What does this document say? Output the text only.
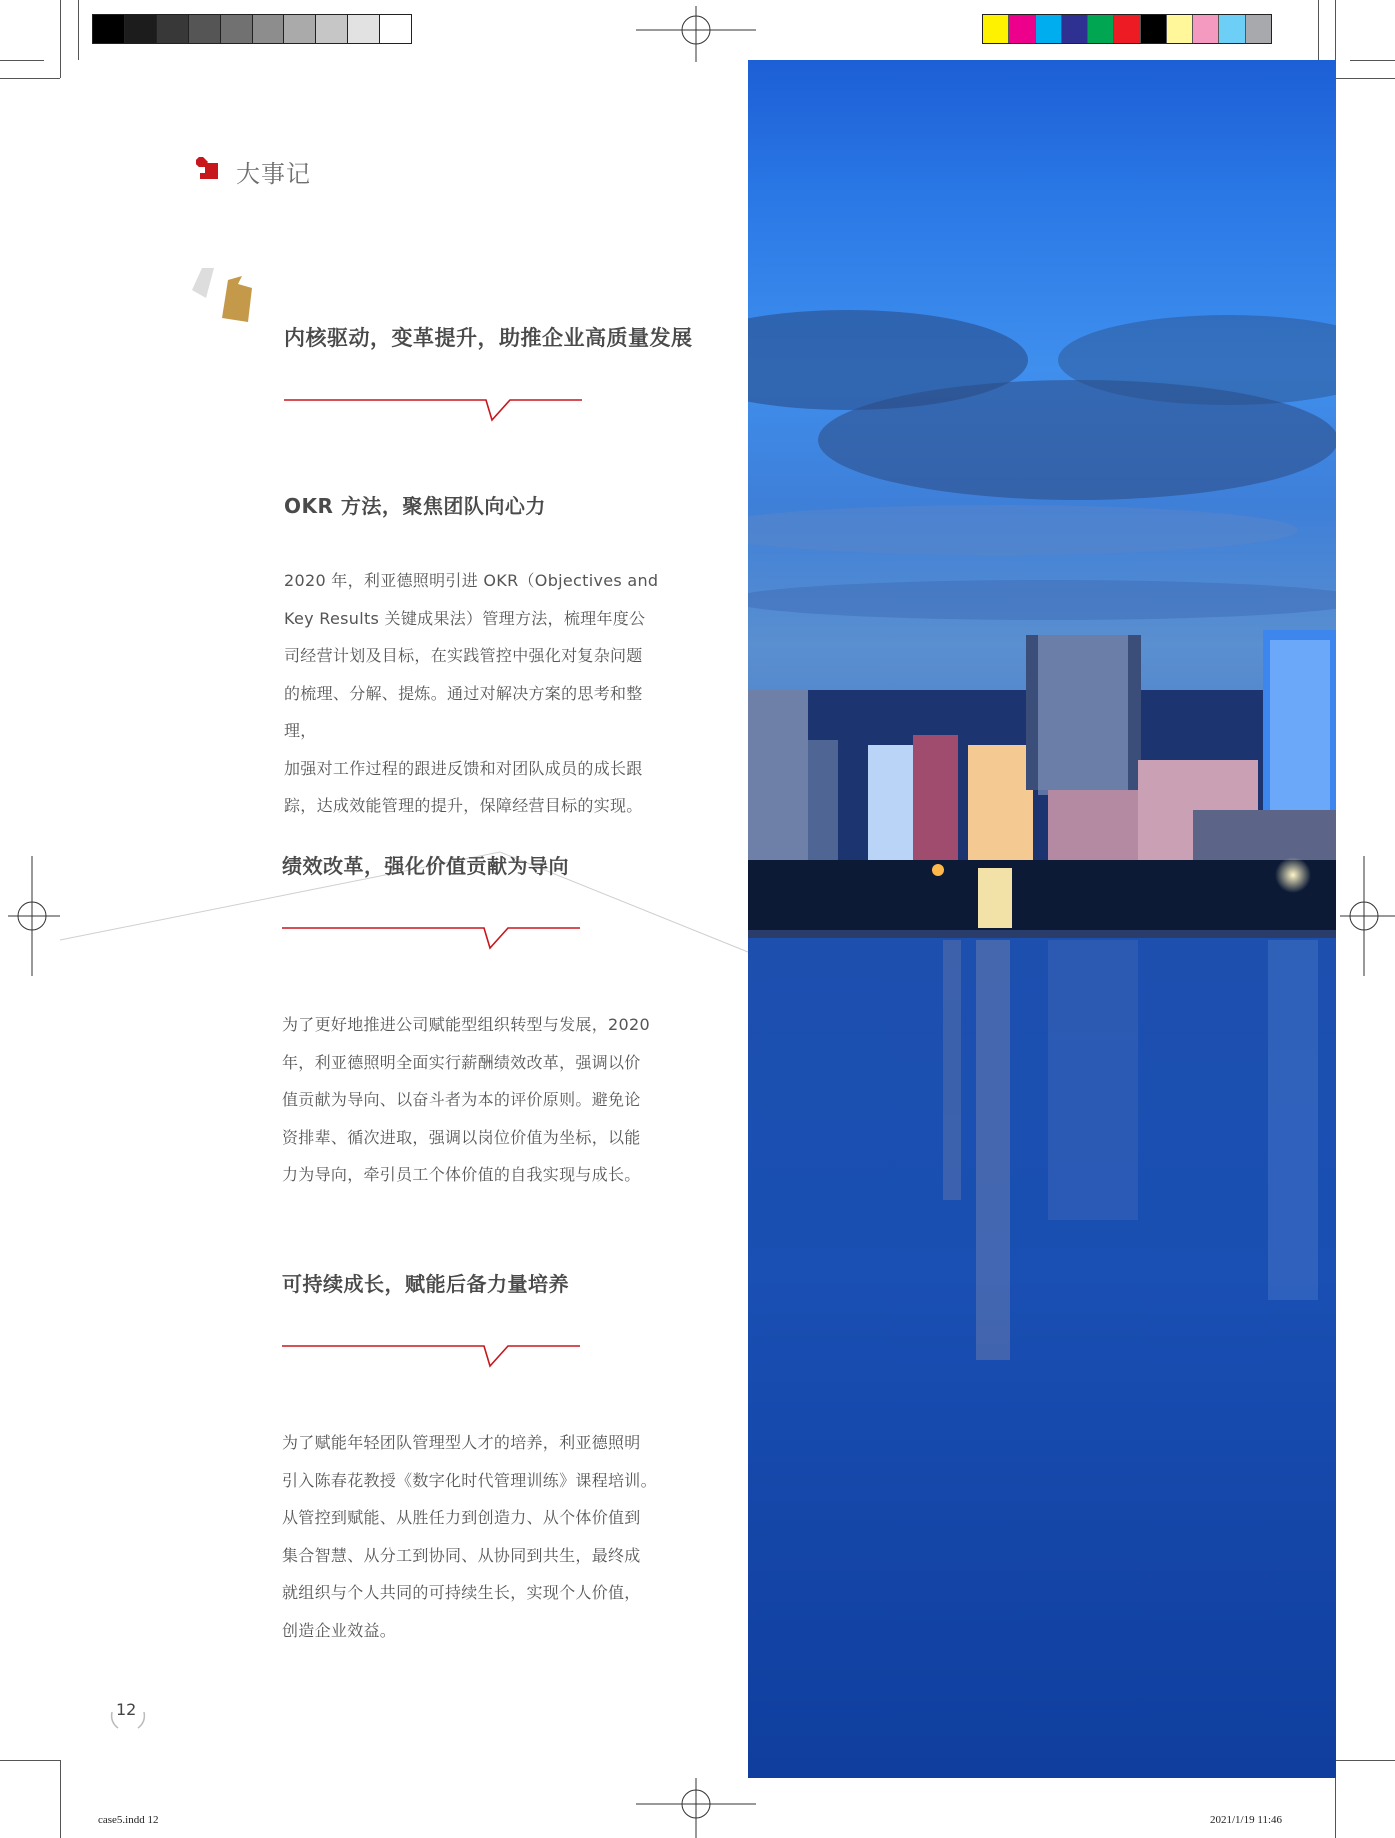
大事记
内核驱动，变革提升，助推企业高质量发展
OKR 方法，聚焦团队向心力
2020 年，利亚德照明引进 OKR（Objectives and
Key Results 关键成果法）管理方法，梳理年度公
司经营计划及目标，在实践管控中强化对复杂问题
的梳理、分解、提炼。通过对解决方案的思考和整理，
加强对工作过程的跟进反馈和对团队成员的成长跟
踪，达成效能管理的提升，保障经营目标的实现。
绩效改革，强化价值贡献为导向
为了更好地推进公司赋能型组织转型与发展，2020
年，利亚德照明全面实行薪酬绩效改革，强调以价
值贡献为导向、以奋斗者为本的评价原则。避免论
资排辈、循次进取，强调以岗位价值为坐标，以能
力为导向，牵引员工个体价值的自我实现与成长。
可持续成长，赋能后备力量培养
为了赋能年轻团队管理型人才的培养，利亚德照明
引入陈春花教授《数字化时代管理训练》课程培训。
从管控到赋能、从胜任力到创造力、从个体价值到
集合智慧、从分工到协同、从协同到共生，最终成
就组织与个人共同的可持续生长，实现个人价值，
创造企业效益。
12
case5.indd 12	2021/1/19 11:46
